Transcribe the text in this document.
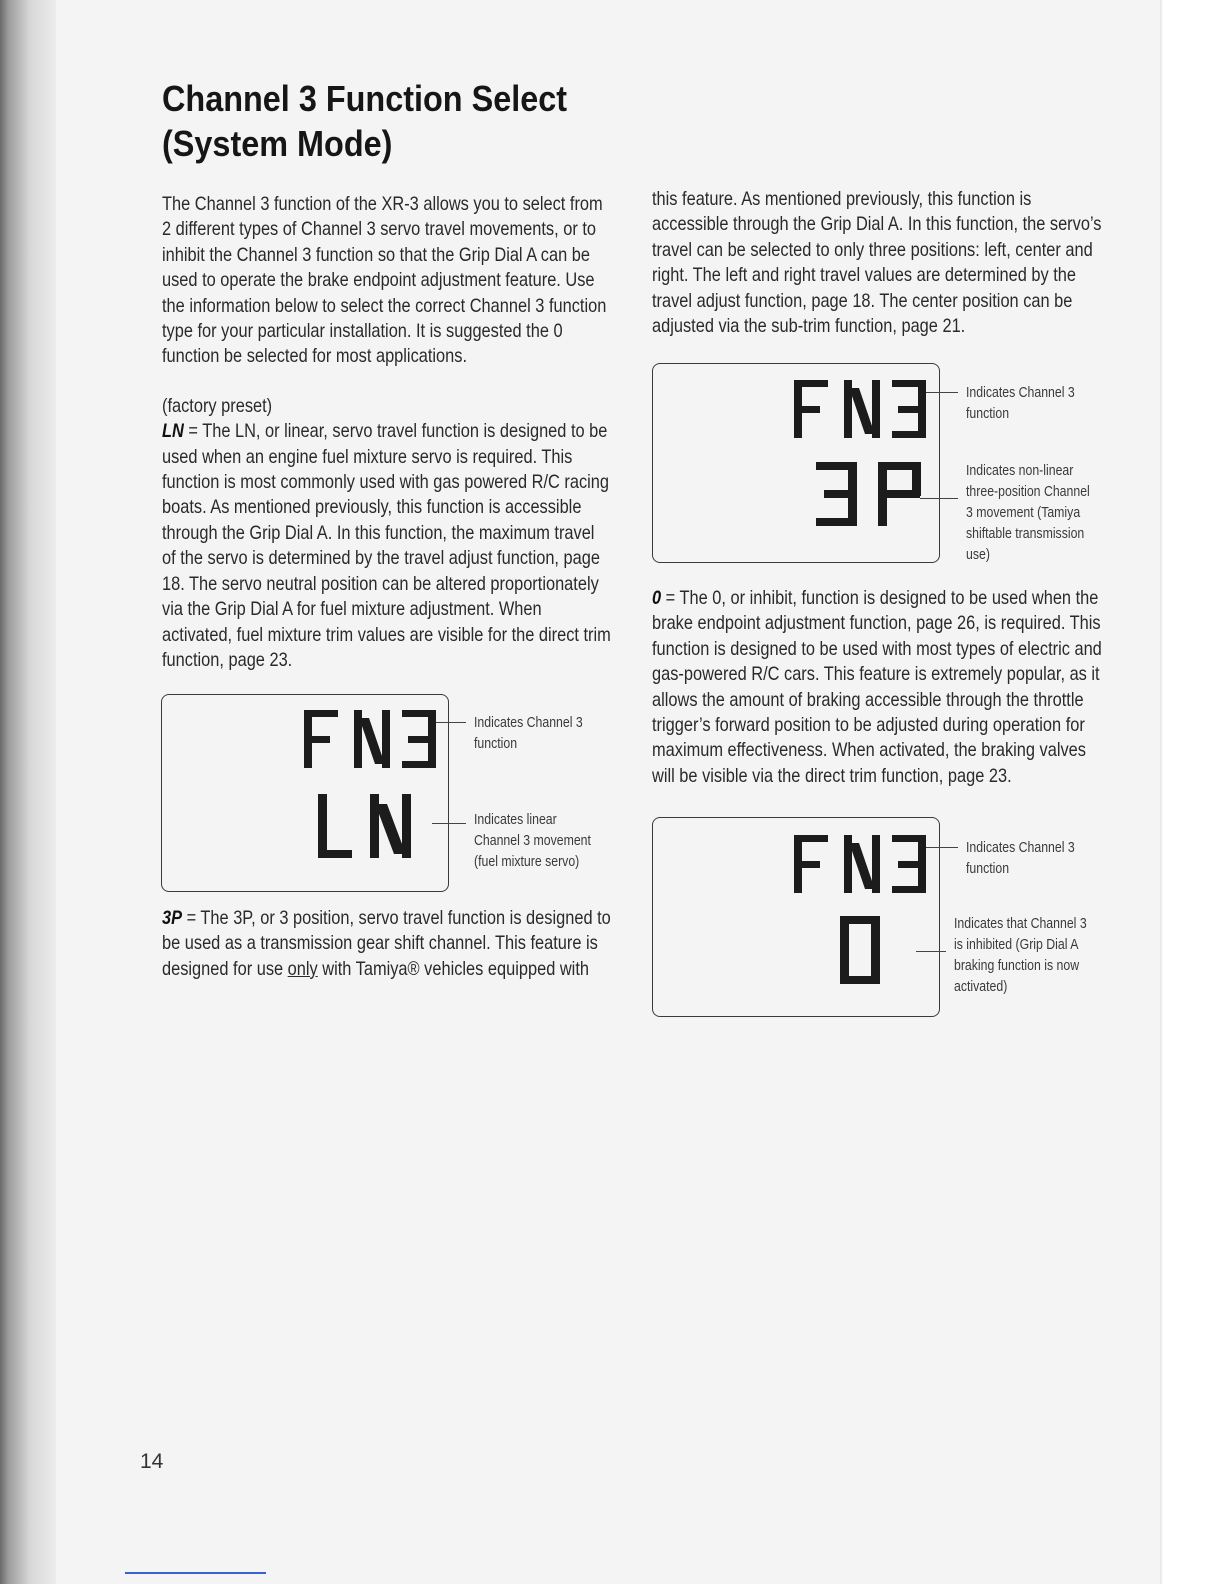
Channel 3 Function Select (System Mode)

The Channel 3 function of the XR-3 allows you to select from 2 different types of Channel 3 servo travel movements, or to inhibit the Channel 3 function so that the Grip Dial A can be used to operate the brake endpoint adjustment feature. Use the information below to select the correct Channel 3 function type for your particular installation. It is suggested the 0 function be selected for most applications.

(factory preset)

LN = The LN, or linear, servo travel function is designed to be used when an engine fuel mixture servo is required. This function is most commonly used with gas powered R/C racing boats. As mentioned previously, this function is accessible through the Grip Dial A. In this function, the maximum travel of the servo is determined by the travel adjust function, page 18. The servo neutral position can be altered proportionately via the Grip Dial A for fuel mixture adjustment. When activated, fuel mixture trim values are visible for the direct trim function, page 23.

3P = The 3P, or 3 position, servo travel function is designed to be used as a transmission gear shift channel. This feature is designed for use only with Tamiya® vehicles equipped with

this feature. As mentioned previously, this function is accessible through the Grip Dial A. In this function, the servo’s travel can be selected to only three positions: left, center and right. The left and right travel values are determined by the travel adjust function, page 18. The center position can be adjusted via the sub-trim function, page 21.

0 = The 0, or inhibit, function is designed to be used when the brake endpoint adjustment function, page 26, is required. This function is designed to be used with most types of electric and gas-powered R/C cars. This feature is extremely popular, as it allows the amount of braking accessible through the throttle trigger’s forward position to be adjusted during operation for maximum effectiveness. When activated, the braking valves will be visible via the direct trim function, page 23.

Indicates Channel 3 function
Indicates linear Channel 3 movement (fuel mixture servo)
Indicates Channel 3 function
Indicates non-linear three-position Channel 3 movement (Tamiya shiftable transmission use)
Indicates Channel 3 function
Indicates that Channel 3 is inhibited (Grip Dial A braking function is now activated)
14
